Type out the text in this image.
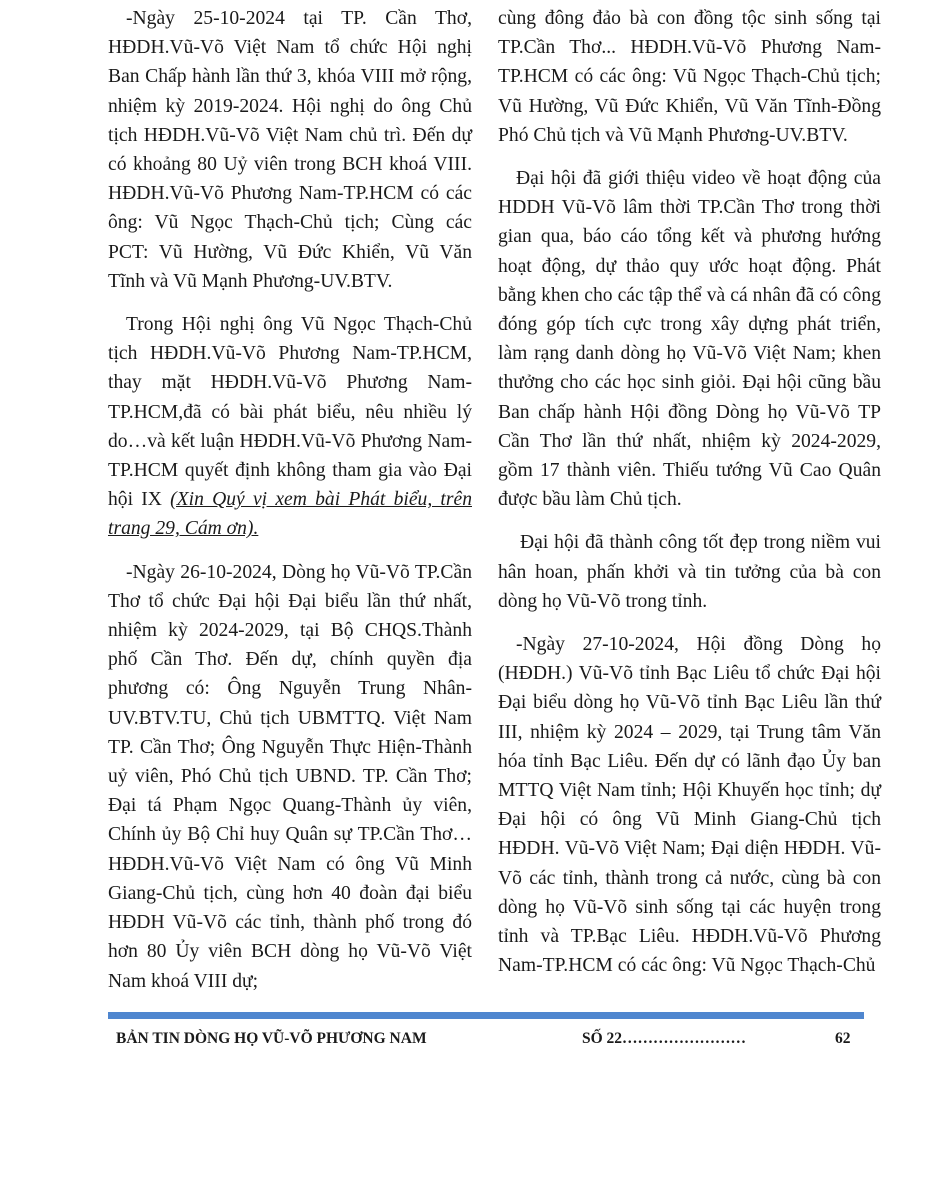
-Ngày 25-10-2024 tại TP. Cần Thơ, HĐDH.Vũ-Võ Việt Nam tổ chức Hội nghị Ban Chấp hành lần thứ 3, khóa VIII mở rộng, nhiệm kỳ 2019-2024. Hội nghị do ông Chủ tịch HĐDH.Vũ-Võ Việt Nam chủ trì. Đến dự có khoảng 80 Uỷ viên trong BCH khoá VIII. HĐDH.Vũ-Võ Phương Nam-TP.HCM có các ông: Vũ Ngọc Thạch-Chủ tịch; Cùng các PCT: Vũ Hường, Vũ Đức Khiển, Vũ Văn Tĩnh và Vũ Mạnh Phương-UV.BTV.

Trong Hội nghị ông Vũ Ngọc Thạch-Chủ tịch HĐDH.Vũ-Võ Phương Nam-TP.HCM, thay mặt HĐDH.Vũ-Võ Phương Nam-TP.HCM,đã có bài phát biểu, nêu nhiều lý do…và kết luận HĐDH.Vũ-Võ Phương Nam-TP.HCM quyết định không tham gia vào Đại hội IX (Xin Quý vị xem bài Phát biểu, trên trang 29, Cám ơn).

-Ngày 26-10-2024, Dòng họ Vũ-Võ TP.Cần Thơ tổ chức Đại hội Đại biểu lần thứ nhất, nhiệm kỳ 2024-2029, tại Bộ CHQS.Thành phố Cần Thơ. Đến dự, chính quyền địa phương có: Ông Nguyễn Trung Nhân-UV.BTV.TU, Chủ tịch UBMTTQ. Việt Nam TP. Cần Thơ; Ông Nguyễn Thực Hiện-Thành uỷ viên, Phó Chủ tịch UBND. TP. Cần Thơ; Đại tá Phạm Ngọc Quang-Thành ủy viên, Chính ủy Bộ Chỉ huy Quân sự TP.Cần Thơ… HĐDH.Vũ-Võ Việt Nam có ông Vũ Minh Giang-Chủ tịch, cùng hơn 40 đoàn đại biểu HĐDH Vũ-Võ các tỉnh, thành phố trong đó hơn 80 Ủy viên BCH dòng họ Vũ-Võ Việt Nam khoá VIII dự;

cùng đông đảo bà con đồng tộc sinh sống tại TP.Cần Thơ... HĐDH.Vũ-Võ Phương Nam-TP.HCM có các ông: Vũ Ngọc Thạch-Chủ tịch; Vũ Hường, Vũ Đức Khiển, Vũ Văn Tĩnh-Đồng Phó Chủ tịch và Vũ Mạnh Phương-UV.BTV.

Đại hội đã giới thiệu video về hoạt động của HDDH Vũ-Võ lâm thời TP.Cần Thơ trong thời gian qua, báo cáo tổng kết và phương hướng hoạt động, dự thảo quy ước hoạt động. Phát bằng khen cho các tập thể và cá nhân đã có công đóng góp tích cực trong xây dựng phát triển, làm rạng danh dòng họ Vũ-Võ Việt Nam; khen thưởng cho các học sinh giỏi. Đại hội cũng bầu Ban chấp hành Hội đồng Dòng họ Vũ-Võ TP Cần Thơ lần thứ nhất, nhiệm kỳ 2024-2029, gồm 17 thành viên. Thiếu tướng Vũ Cao Quân được bầu làm Chủ tịch.

Đại hội đã thành công tốt đẹp trong niềm vui hân hoan, phấn khởi và tin tưởng của bà con dòng họ Vũ-Võ trong tỉnh.

-Ngày 27-10-2024, Hội đồng Dòng họ (HĐDH.) Vũ-Võ tỉnh Bạc Liêu tổ chức Đại hội Đại biểu dòng họ Vũ-Võ tỉnh Bạc Liêu lần thứ III, nhiệm kỳ 2024 – 2029, tại Trung tâm Văn hóa tỉnh Bạc Liêu. Đến dự có lãnh đạo Ủy ban MTTQ Việt Nam tỉnh; Hội Khuyến học tỉnh; dự Đại hội có ông Vũ Minh Giang-Chủ tịch HĐDH. Vũ-Võ Việt Nam; Đại diện HĐDH. Vũ-Võ các tỉnh, thành trong cả nước, cùng bà con dòng họ Vũ-Võ sinh sống tại các huyện trong tỉnh và TP.Bạc Liêu. HĐDH.Vũ-Võ Phương Nam-TP.HCM có các ông: Vũ Ngọc Thạch-Chủ

BẢN TIN DÒNG HỌ VŨ-VÕ PHƯƠNG NAM	SỐ 22……………………	62
